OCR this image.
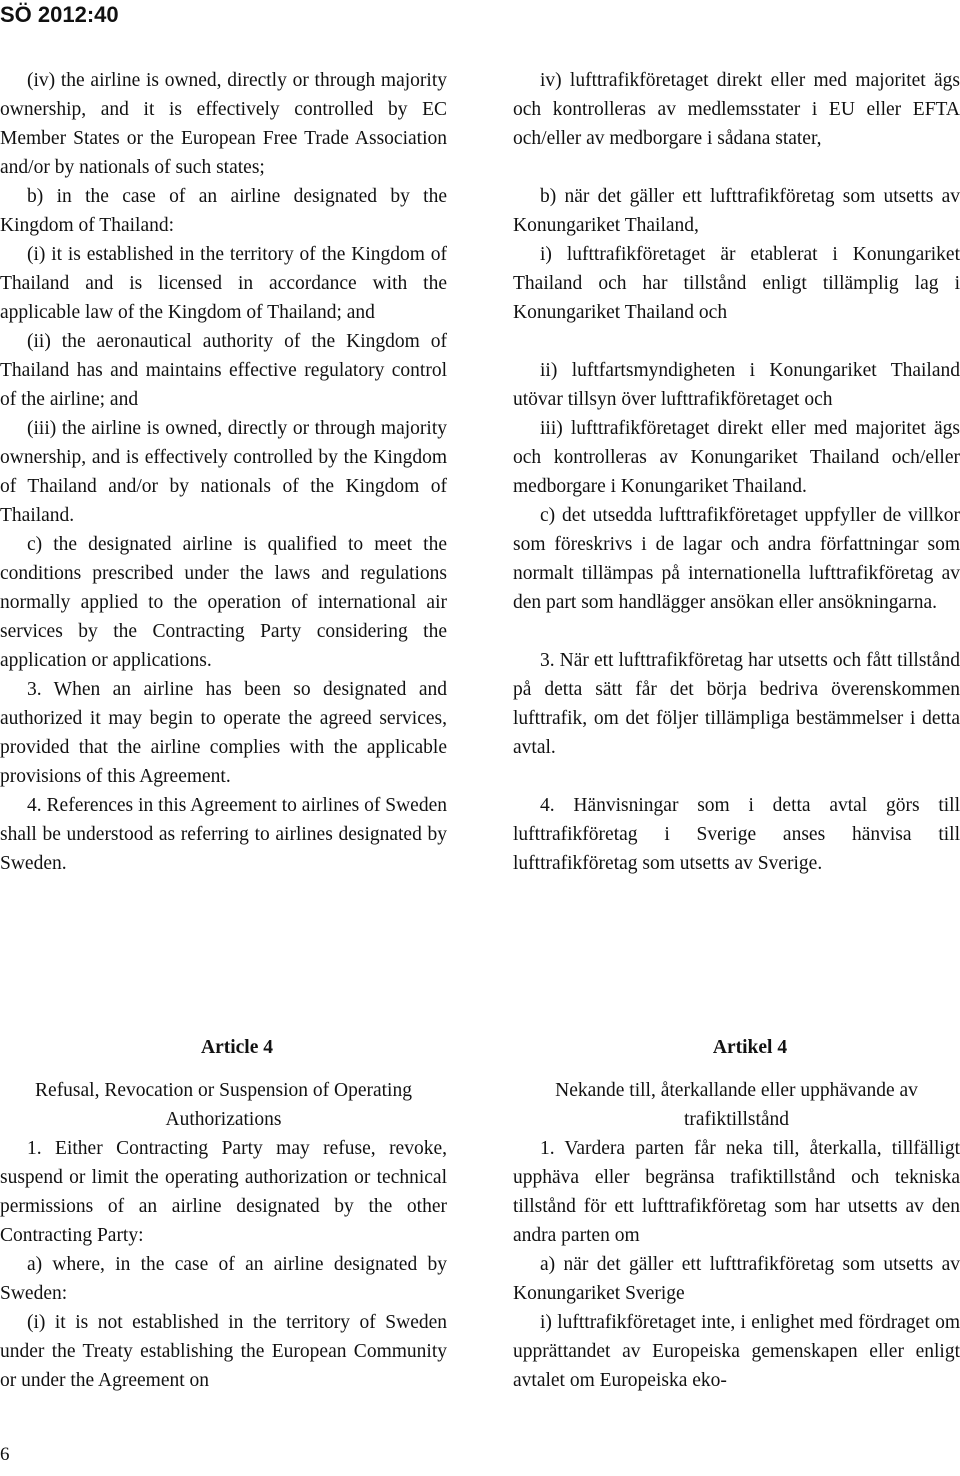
SÖ 2012:40

(iv) the airline is owned, directly or through majority ownership, and it is effectively controlled by EC Member States or the European Free Trade Association and/or by nationals of such states;

b) in the case of an airline designated by the Kingdom of Thailand:

(i) it is established in the territory of the Kingdom of Thailand and is licensed in accordance with the applicable law of the Kingdom of Thailand; and

(ii) the aeronautical authority of the Kingdom of Thailand has and maintains effective regulatory control of the airline; and

(iii) the airline is owned, directly or through majority ownership, and is effectively controlled by the Kingdom of Thailand and/or by nationals of the Kingdom of Thailand.

c) the designated airline is qualified to meet the conditions prescribed under the laws and regulations normally applied to the operation of international air services by the Contracting Party considering the application or applications.

3. When an airline has been so designated and authorized it may begin to operate the agreed services, provided that the airline complies with the applicable provisions of this Agreement.

4. References in this Agreement to airlines of Sweden shall be understood as referring to airlines designated by Sweden.

iv) lufttrafikföretaget direkt eller med majoritet ägs och kontrolleras av medlemsstater i EU eller EFTA och/eller av medborgare i sådana stater,

b) när det gäller ett lufttrafikföretag som utsetts av Konungariket Thailand,

i) lufttrafikföretaget är etablerat i Konungariket Thailand och har tillstånd enligt tillämplig lag i Konungariket Thailand och

ii) luftfartsmyndigheten i Konungariket Thailand utövar tillsyn över lufttrafikföretaget och

iii) lufttrafikföretaget direkt eller med majoritet ägs och kontrolleras av Konungariket Thailand och/eller medborgare i Konungariket Thailand.

c) det utsedda lufttrafikföretaget uppfyller de villkor som föreskrivs i de lagar och andra författningar som normalt tillämpas på internationella lufttrafikföretag av den part som handlägger ansökan eller ansökningarna.

3. När ett lufttrafikföretag har utsetts och fått tillstånd på detta sätt får det börja bedriva överenskommen lufttrafik, om det följer tillämpliga bestämmelser i detta avtal.

4. Hänvisningar som i detta avtal görs till lufttrafikföretag i Sverige anses hänvisa till lufttrafikföretag som utsetts av Sverige.

Article 4

Refusal, Revocation or Suspension of Operating Authorizations

1. Either Contracting Party may refuse, revoke, suspend or limit the operating authorization or technical permissions of an airline designated by the other Contracting Party:

a) where, in the case of an airline designated by Sweden:

(i) it is not established in the territory of Sweden under the Treaty establishing the European Community or under the Agreement on

Artikel 4

Nekande till, återkallande eller upphävande av trafiktillstånd

1. Vardera parten får neka till, återkalla, tillfälligt upphäva eller begränsa trafiktillstånd och tekniska tillstånd för ett lufttrafikföretag som har utsetts av den andra parten om

a) när det gäller ett lufttrafikföretag som utsetts av Konungariket Sverige

i) lufttrafikföretaget inte, i enlighet med fördraget om upprättandet av Europeiska gemenskapen eller enligt avtalet om Europeiska eko-

6
